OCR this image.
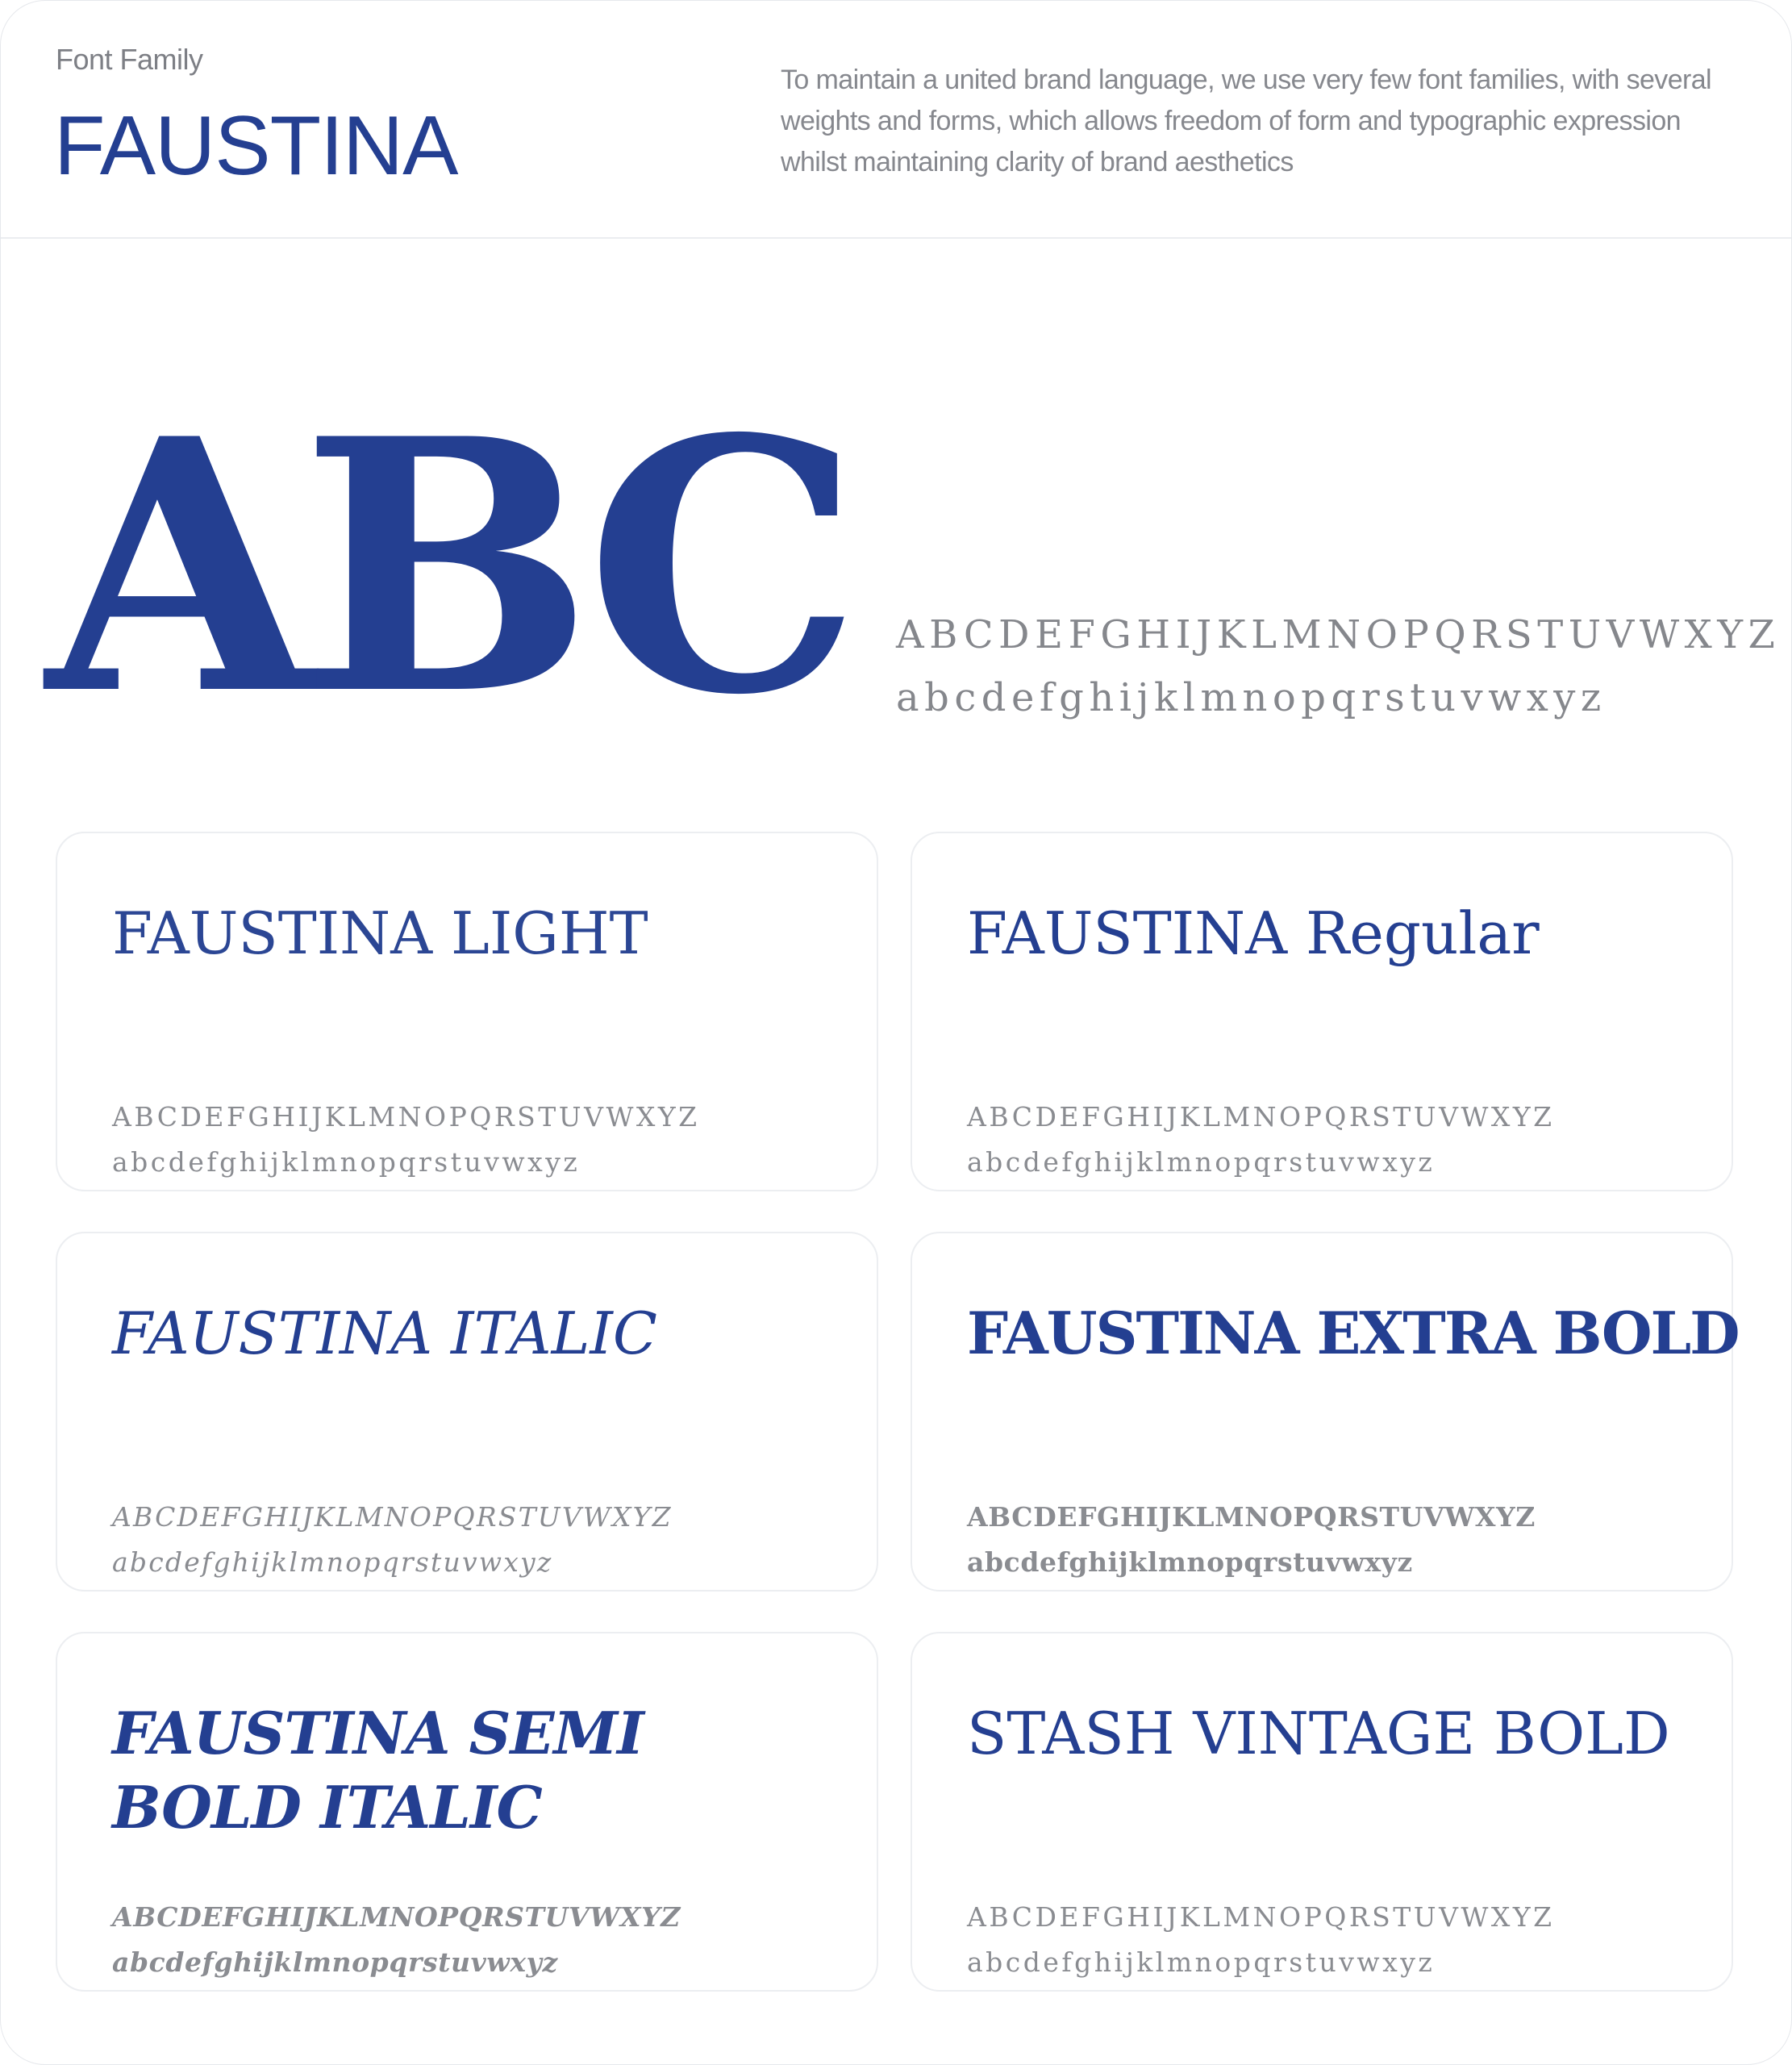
Font Family
FAUSTINA
To maintain a united brand language, we use very few font families, with several weights and forms, which allows freedom of form and typographic expression whilst maintaining clarity of brand aesthetics
ABC ABCDEFGHIJKLMNOPQRSTUVWXYZ
abcdefghijklmnopqrstuvwxyz
FAUSTINA LIGHT
ABCDEFGHIJKLMNOPQRSTUVWXYZ
abcdefghijklmnopqrstuvwxyz
FAUSTINA Regular
ABCDEFGHIJKLMNOPQRSTUVWXYZ
abcdefghijklmnopqrstuvwxyz
FAUSTINA ITALIC
ABCDEFGHIJKLMNOPQRSTUVWXYZ
abcdefghijklmnopqrstuvwxyz
FAUSTINA EXTRA BOLD
ABCDEFGHIJKLMNOPQRSTUVWXYZ
abcdefghijklmnopqrstuvwxyz
FAUSTINA SEMI BOLD ITALIC
ABCDEFGHIJKLMNOPQRSTUVWXYZ
abcdefghijklmnopqrstuvwxyz
STASH VINTAGE BOLD
ABCDEFGHIJKLMNOPQRSTUVWXYZ
abcdefghijklmnopqrstuvwxyz
